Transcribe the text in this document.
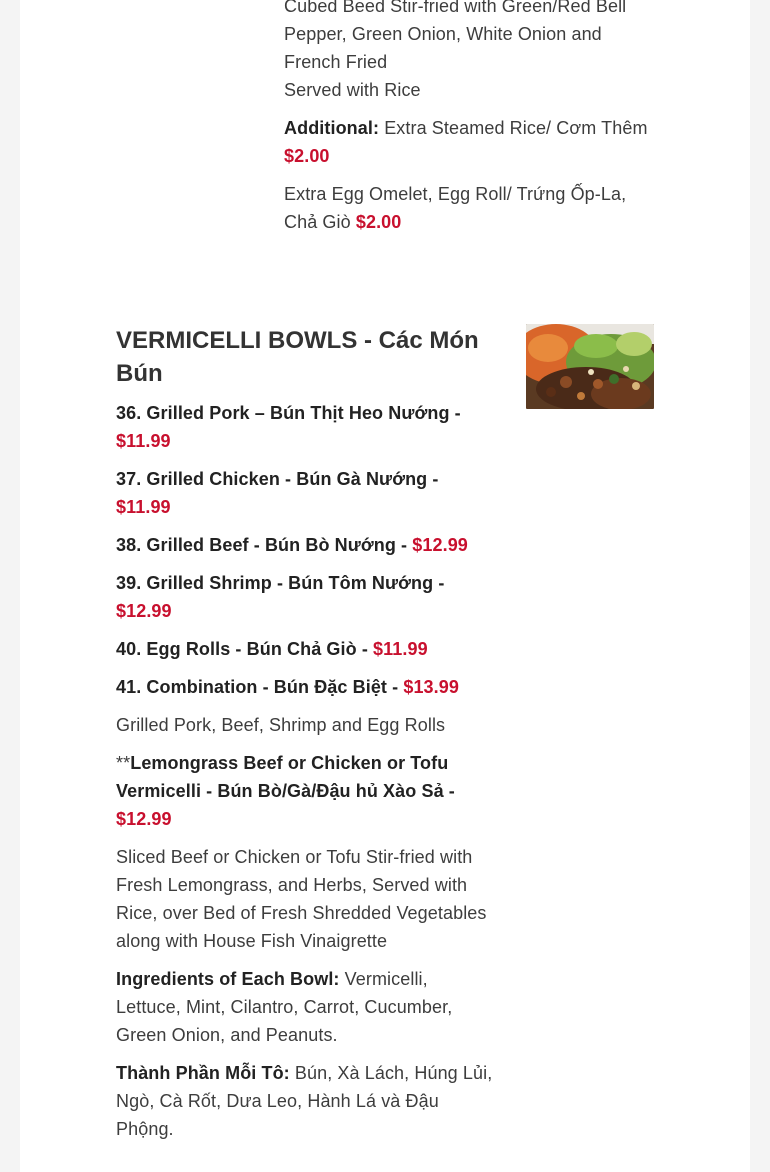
Cubed Beed Stir-fried with Green/Red Bell
Pepper, Green Onion, White Onion and
French Fried
Served with Rice

Additional: Extra Steamed Rice/ Cơm Thêm   $2.00

Extra Egg Omelet, Egg Roll/ Trứng Ốp-La, Chả Giò $2.00

VERMICELLI BOWLS - Các Món Bún

36. Grilled Pork – Bún Thịt Heo Nướng - $11.99

37. Grilled Chicken - Bún Gà Nướng - $11.99

38. Grilled Beef - Bún Bò Nướng - $12.99

39. Grilled Shrimp - Bún Tôm Nướng - $12.99

40. Egg Rolls - Bún Chả Giò - $11.99

41. Combination - Bún Đặc Biệt - $13.99

Grilled Pork, Beef, Shrimp and Egg Rolls

**Lemongrass Beef or Chicken or Tofu Vermicelli - Bún Bò/Gà/Đậu hủ Xào Sả - $12.99

Sliced Beef or Chicken or Tofu Stir-fried with Fresh Lemongrass, and Herbs, Served with Rice, over Bed of Fresh Shredded Vegetables along with House Fish Vinaigrette

Ingredients of Each Bowl: Vermicelli, Lettuce, Mint, Cilantro, Carrot, Cucumber, Green Onion, and Peanuts.

Thành Phần Mỗi Tô: Bún, Xà Lách, Húng Lủi, Ngò, Cà Rốt, Dưa Leo, Hành Lá và Đậu Phộng.
